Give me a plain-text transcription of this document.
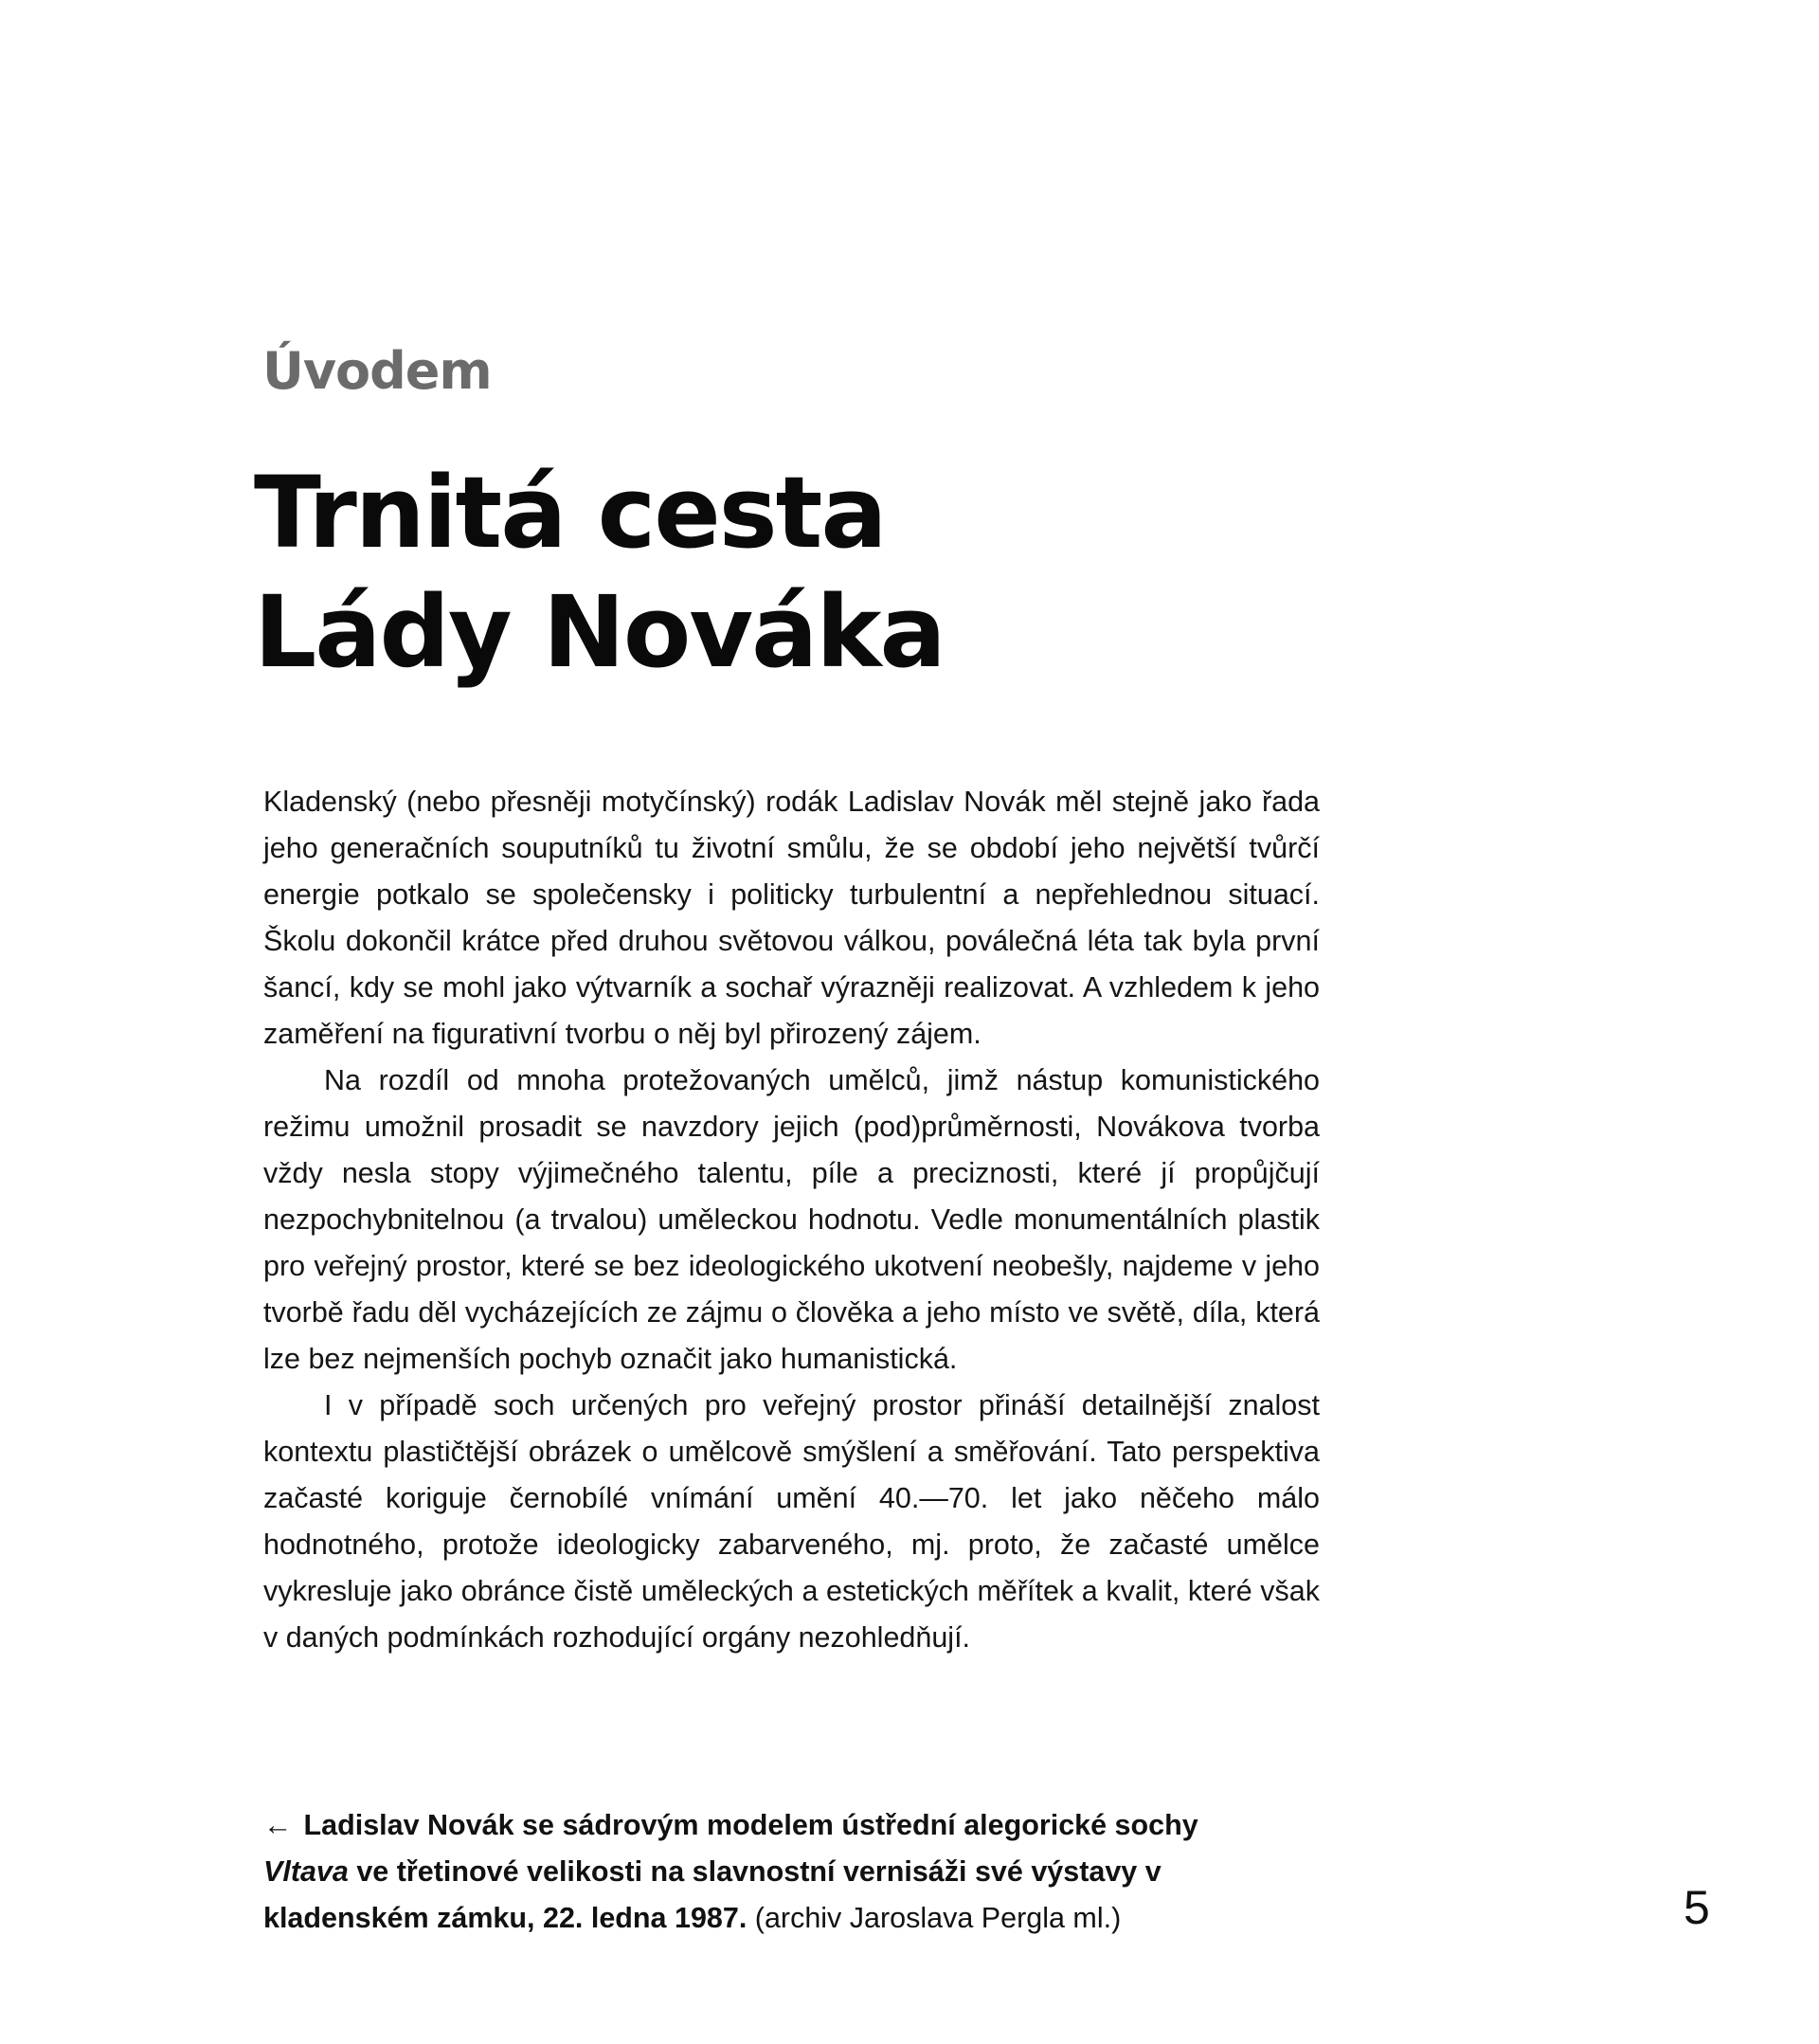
Úvodem
Trnitá cesta
Lády Nováka

Kladenský (nebo přesněji motyčínský) rodák Ladislav Novák měl stejně jako řada jeho generačních souputníků tu životní smůlu, že se období jeho největší tvůrčí energie potkalo se společensky i politicky turbulentní a nepřehlednou situací. Školu dokončil krátce před druhou světovou válkou, poválečná léta tak byla první šancí, kdy se mohl jako výtvarník a sochař výrazněji realizovat. A vzhledem k jeho zaměření na figurativní tvorbu o něj byl přirozený zájem.

Na rozdíl od mnoha protežovaných umělců, jimž nástup komunistického režimu umožnil prosadit se navzdory jejich (pod)průměrnosti, Novákova tvorba vždy nesla stopy výjimečného talentu, píle a preciznosti, které jí propůjčují nezpochybnitelnou (a trvalou) uměleckou hodnotu. Vedle monumentálních plastik pro veřejný prostor, které se bez ideologického ukotvení neobešly, najdeme v jeho tvorbě řadu děl vycházejících ze zájmu o člověka a jeho místo ve světě, díla, která lze bez nejmenších pochyb označit jako humanistická.

I v případě soch určených pro veřejný prostor přináší detailnější znalost kontextu plastičtější obrázek o umělcově smýšlení a směřování. Tato perspektiva začasté koriguje černobílé vnímání umění 40.—70. let jako něčeho málo hodnotného, protože ideologicky zabarveného, mj. proto, že začasté umělce vykresluje jako obránce čistě uměleckých a estetických měřítek a kvalit, které však v daných podmínkách rozhodující orgány nezohledňují.

← Ladislav Novák se sádrovým modelem ústřední alegorické sochy Vltava ve třetinové velikosti na slavnostní vernisáži své výstavy v kladenském zámku, 22. ledna 1987. (archiv Jaroslava Pergla ml.)	5
